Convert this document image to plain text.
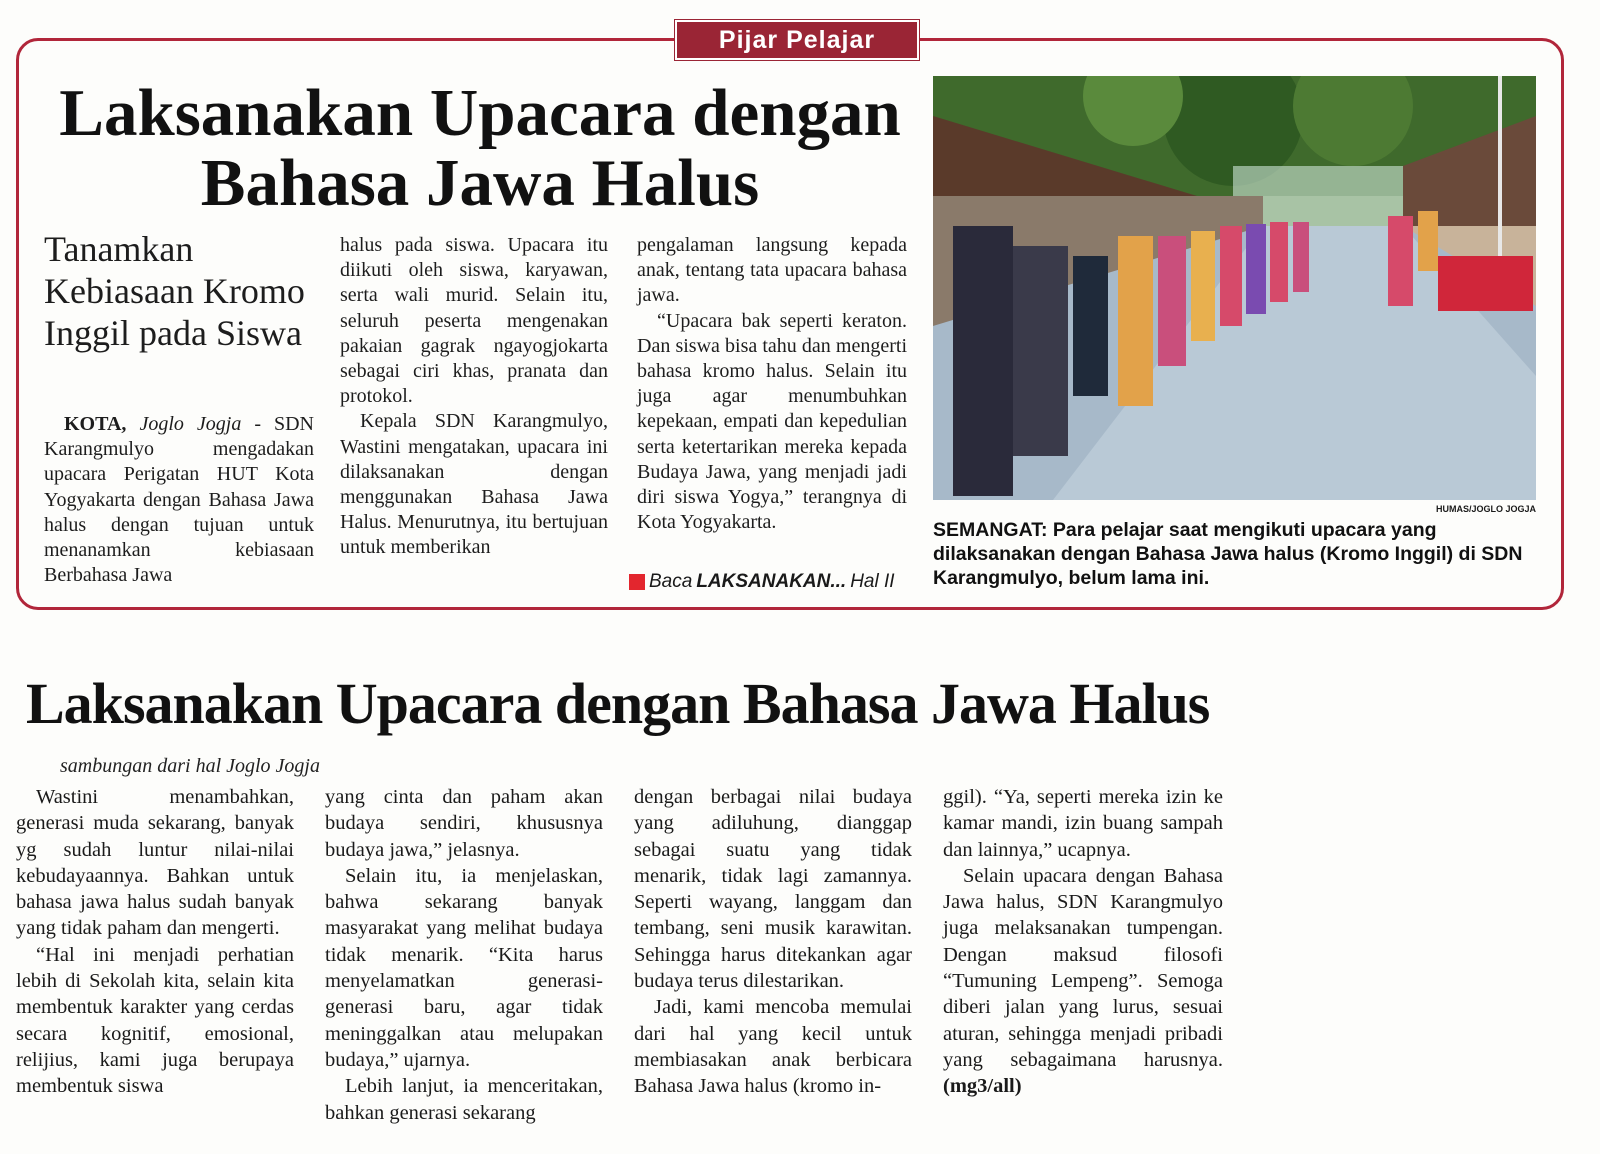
Pijar Pelajar
Laksanakan Upacara dengan Bahasa Jawa Halus
Tanamkan Kebiasaan Kromo Inggil pada Siswa

KOTA, Joglo Jogja - SDN Karangmulyo mengadakan upacara Perigatan HUT Kota Yogyakarta dengan Bahasa Jawa halus dengan tujuan untuk menanamkan kebiasaan Berbahasa Jawa

halus pada siswa. Upacara itu diikuti oleh siswa, karyawan, serta wali murid. Selain itu, seluruh peserta mengenakan pakaian gagrak ngayogjokarta sebagai ciri khas, pranata dan protokol.

Kepala SDN Karangmulyo, Wastini mengatakan, upacara ini dilaksanakan dengan menggunakan Bahasa Jawa Halus. Menurutnya, itu bertujuan untuk memberikan

pengalaman langsung kepada anak, tentang tata upacara bahasa jawa.

“Upacara bak seperti keraton. Dan siswa bisa tahu dan mengerti bahasa kromo halus. Selain itu juga agar menumbuhkan kepekaan, empati dan kepedulian serta ketertarikan mereka kepada Budaya Jawa, yang menjadi jadi diri siswa Yogya,” terangnya di Kota Yogyakarta.

Baca LAKSANAKAN... Hal II
HUMAS/JOGLO JOGJA

SEMANGAT: Para pelajar saat mengikuti upacara yang dilaksanakan dengan Bahasa Jawa halus (Kromo Inggil) di SDN Karangmulyo, belum lama ini.

Laksanakan Upacara dengan Bahasa Jawa Halus
sambungan dari hal Joglo Jogja

Wastini menambahkan, generasi muda sekarang, banyak yg sudah luntur nilai-nilai kebudayaannya. Bahkan untuk bahasa jawa halus sudah banyak yang tidak paham dan mengerti.

“Hal ini menjadi perhatian lebih di Sekolah kita, selain kita membentuk karakter yang cerdas secara kognitif, emosional, relijius, kami juga berupaya membentuk siswa

yang cinta dan paham akan budaya sendiri, khususnya budaya jawa,” jelasnya.

Selain itu, ia menjelaskan, bahwa sekarang banyak masyarakat yang melihat budaya tidak menarik. “Kita harus menyelamatkan generasi-generasi baru, agar tidak meninggalkan atau melupakan budaya,” ujarnya.

Lebih lanjut, ia menceritakan, bahkan generasi sekarang

dengan berbagai nilai budaya yang adiluhung, dianggap sebagai suatu yang tidak menarik, tidak lagi zamannya. Seperti wayang, langgam dan tembang, seni musik karawitan. Sehingga harus ditekankan agar budaya terus dilestarikan.

Jadi, kami mencoba memulai dari hal yang kecil untuk membiasakan anak berbicara Bahasa Jawa halus (kromo in-

ggil). “Ya, seperti mereka izin ke kamar mandi, izin buang sampah dan lainnya,” ucapnya.

Selain upacara dengan Bahasa Jawa halus, SDN Karangmulyo juga melaksanakan tumpengan. Dengan maksud filosofi “Tumuning Lempeng”. Semoga diberi jalan yang lurus, sesuai aturan, sehingga menjadi pribadi yang sebagaimana harusnya. (mg3/all)
